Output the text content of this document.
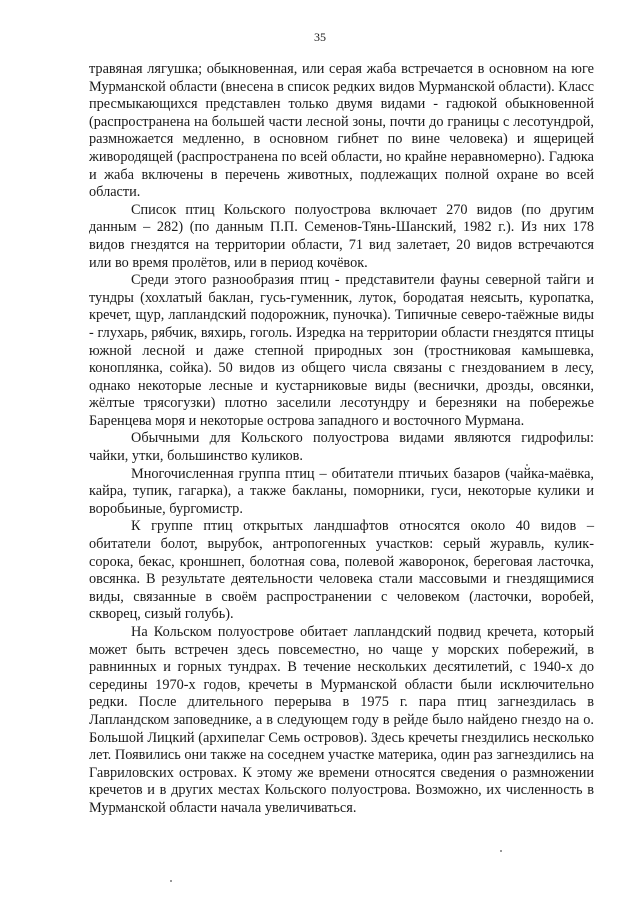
35

травяная лягушка; обыкновенная, или серая жаба встречается в основном на юге Мурманской области (внесена в список редких видов Мурманской области). Класс пресмыкающихся представлен только двумя видами - гадюкой обыкновенной (распространена на большей части лесной зоны, почти до границы с лесотундрой, размножается медленно, в основном гибнет по вине человека) и ящерицей живородящей (распространена по всей области, но крайне неравномерно). Гадюка и жаба включены в перечень животных, подлежащих полной охране во всей области.

Список птиц Кольского полуострова включает 270 видов (по другим данным – 282) (по данным П.П. Семенов-Тянь-Шанский, 1982 г.). Из них 178 видов гнездятся на территории области, 71 вид залетает, 20 видов встречаются или во время пролётов, или в период кочёвок.

Среди этого разнообразия птиц - представители фауны северной тайги и тундры (хохлатый баклан, гусь-гуменник, луток, бородатая неясыть, куропатка, кречет, щур, лапландский подорожник, пуночка). Типичные северо-таёжные виды - глухарь, рябчик, вяхирь, гоголь. Изредка на территории области гнездятся птицы южной лесной и даже степной природных зон (тростниковая камышевка, коноплянка, сойка). 50 видов из общего числа связаны с гнездованием в лесу, однако некоторые лесные и кустарниковые виды (веснички, дрозды, овсянки, жёлтые трясогузки) плотно заселили лесотундру и березняки на побережье Баренцева моря и некоторые острова западного и восточного Мурмана.

Обычными для Кольского полуострова видами являются гидрофилы: чайки, утки, большинство куликов.

Многочисленная группа птиц – обитатели птичьих базаров (чайка-маёвка, кайра, тупик, гагарка), а также бакланы, поморники, гуси, некоторые кулики и воробьиные, бургомистр.

К группе птиц открытых ландшафтов относятся около 40 видов – обитатели болот, вырубок, антропогенных участков: серый журавль, кулик-сорока, бекас, кроншнеп, болотная сова, полевой жаворонок, береговая ласточка, овсянка. В результате деятельности человека стали массовыми и гнездящимися виды, связанные в своём распространении с человеком (ласточки, воробей, скворец, сизый голубь).

На Кольском полуострове обитает лапландский подвид кречета, который может быть встречен здесь повсеместно, но чаще у морских побережий, в равнинных и горных тундрах. В течение нескольких десятилетий, с 1940-х до середины 1970-х годов, кречеты в Мурманской области были исключительно редки. После длительного перерыва в 1975 г. пара птиц загнездилась в Лапландском заповеднике, а в следующем году в рейде было найдено гнездо на о. Большой Лицкий (архипелаг Семь островов). Здесь кречеты гнездились несколько лет. Появились они также на соседнем участке материка, один раз загнездились на Гавриловских островах. К этому же времени относятся сведения о размножении кречетов и в других местах Кольского полуострова. Возможно, их численность в Мурманской области начала увеличиваться.
